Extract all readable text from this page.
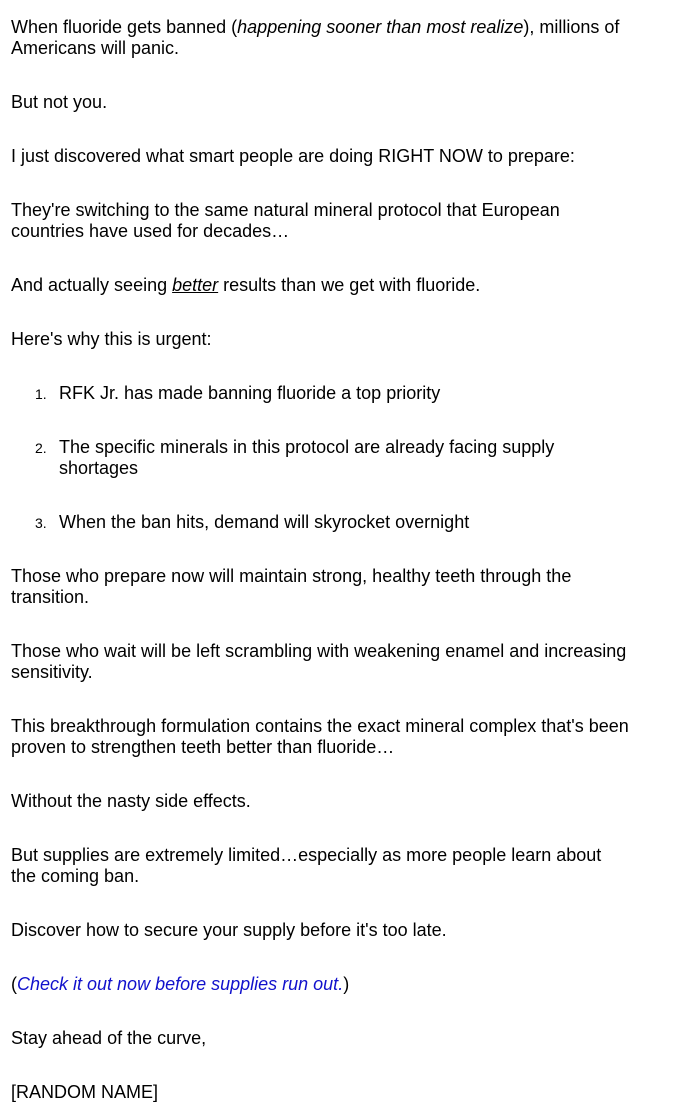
When fluoride gets banned (happening sooner than most realize), millions of Americans will panic.

But not you.

I just discovered what smart people are doing RIGHT NOW to prepare:

They're switching to the same natural mineral protocol that European countries have used for decades…

And actually seeing better results than we get with fluoride.

Here's why this is urgent:

1. RFK Jr. has made banning fluoride a top priority
2. The specific minerals in this protocol are already facing supply shortages
3. When the ban hits, demand will skyrocket overnight

Those who prepare now will maintain strong, healthy teeth through the transition.

Those who wait will be left scrambling with weakening enamel and increasing sensitivity.

This breakthrough formulation contains the exact mineral complex that's been proven to strengthen teeth better than fluoride…

Without the nasty side effects.

But supplies are extremely limited…especially as more people learn about the coming ban.

Discover how to secure your supply before it's too late.

(Check it out now before supplies run out.)

Stay ahead of the curve,

[RANDOM NAME]
